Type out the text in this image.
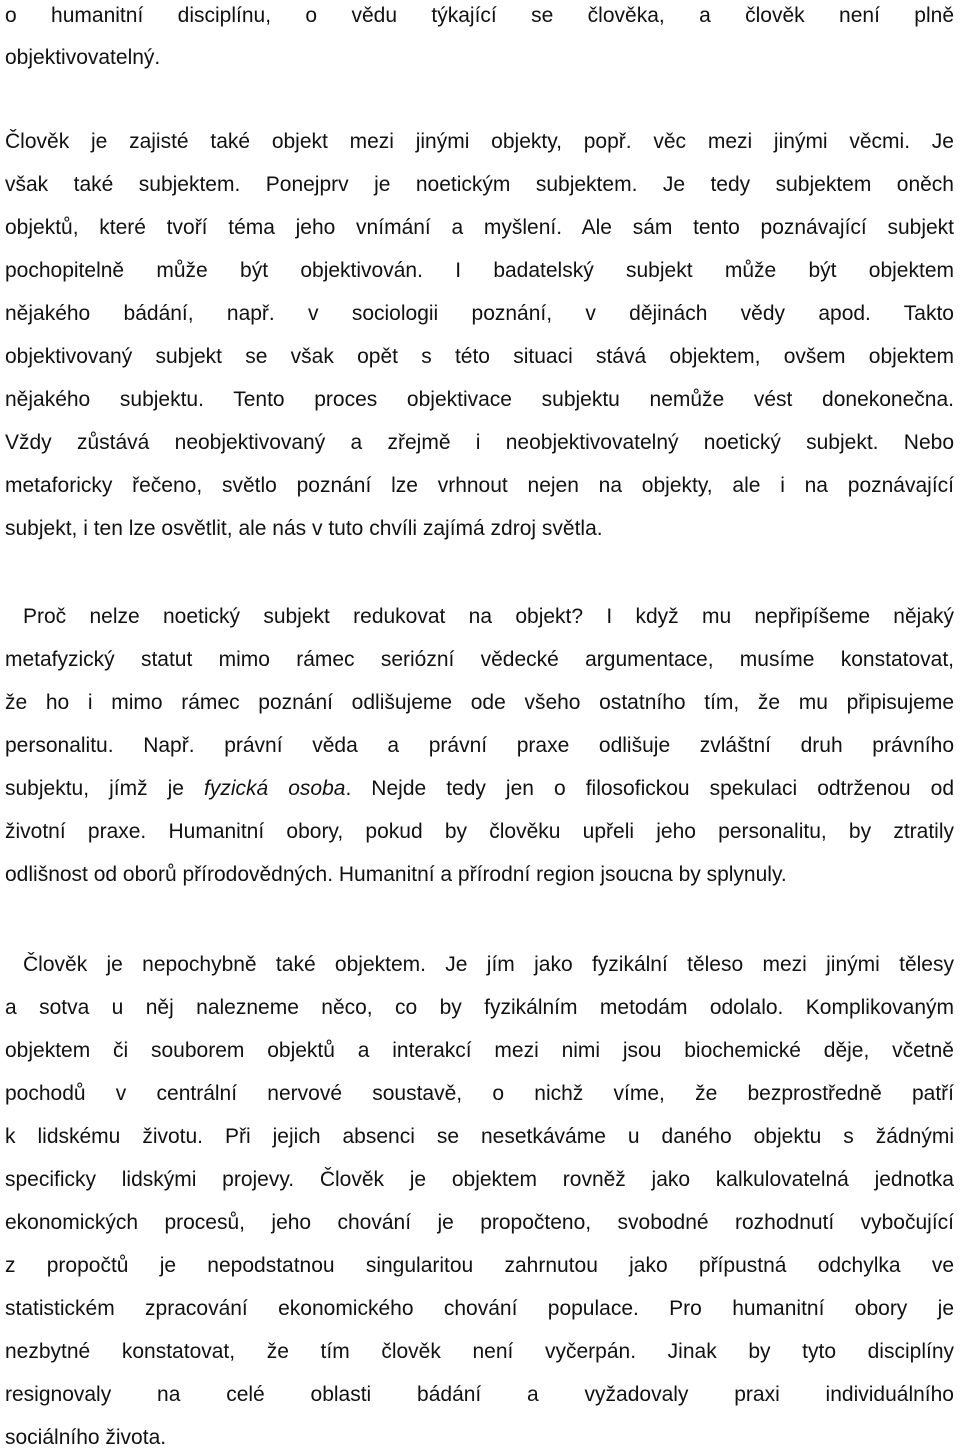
o humanitní disciplínu, o vědu týkající se člověka, a člověk není plně
objektivovatelný.
Člověk je zajisté také objekt mezi jinými objekty, popř. věc mezi jinými věcmi. Je
však také subjektem. Ponejprv je noetickým subjektem. Je tedy subjektem oněch
objektů, které tvoří téma jeho vnímání a myšlení. Ale sám tento poznávající subjekt
pochopitelně může být objektivován. I badatelský subjekt může být objektem
nějakého bádání, např. v sociologii poznání, v dějinách vědy apod. Takto
objektivovaný subjekt se však opět s této situaci stává objektem, ovšem objektem
nějakého subjektu. Tento proces objektivace subjektu nemůže vést donekonečna.
Vždy zůstává neobjektivovaný a zřejmě i neobjektivovatelný noetický subjekt. Nebo
metaforicky řečeno, světlo poznání lze vrhnout nejen na objekty, ale i na poznávající
subjekt, i ten lze osvětlit, ale nás v tuto chvíli zajímá zdroj světla.
Proč nelze noetický subjekt redukovat na objekt? I když mu nepřipíšeme nějaký
metafyzický statut mimo rámec seriózní vědecké argumentace, musíme konstatovat,
že ho i mimo rámec poznání odlišujeme ode všeho ostatního tím, že mu připisujeme
personalitu. Např. právní věda a právní praxe odlišuje zvláštní druh právního
subjektu, jímž je fyzická osoba. Nejde tedy jen o filosofickou spekulaci odtrženou od
životní praxe. Humanitní obory, pokud by člověku upřeli jeho personalitu, by ztratily
odlišnost od oborů přírodovědných. Humanitní a přírodní region jsoucna by splynuly.
Člověk je nepochybně také objektem. Je jím jako fyzikální těleso mezi jinými tělesy
a sotva u něj nalezneme něco, co by fyzikálním metodám odolalo. Komplikovaným
objektem či souborem objektů a interakcí mezi nimi jsou biochemické děje, včetně
pochodů v centrální nervové soustavě, o nichž víme, že bezprostředně patří
k lidskému životu. Při jejich absenci se nesetkáváme u daného objektu s žádnými
specificky lidskými projevy. Člověk je objektem rovněž jako kalkulovatelná jednotka
ekonomických procesů, jeho chování je propočteno, svobodné rozhodnutí vybočující
z propočtů je nepodstatnou singularitou zahrnutou jako přípustná odchylka ve
statistickém zpracování ekonomického chování populace. Pro humanitní obory je
nezbytné konstatovat, že tím člověk není vyčerpán. Jinak by tyto disciplíny
resignovaly na celé oblasti bádání a vyžadovaly praxi individuálního
sociálního života.
